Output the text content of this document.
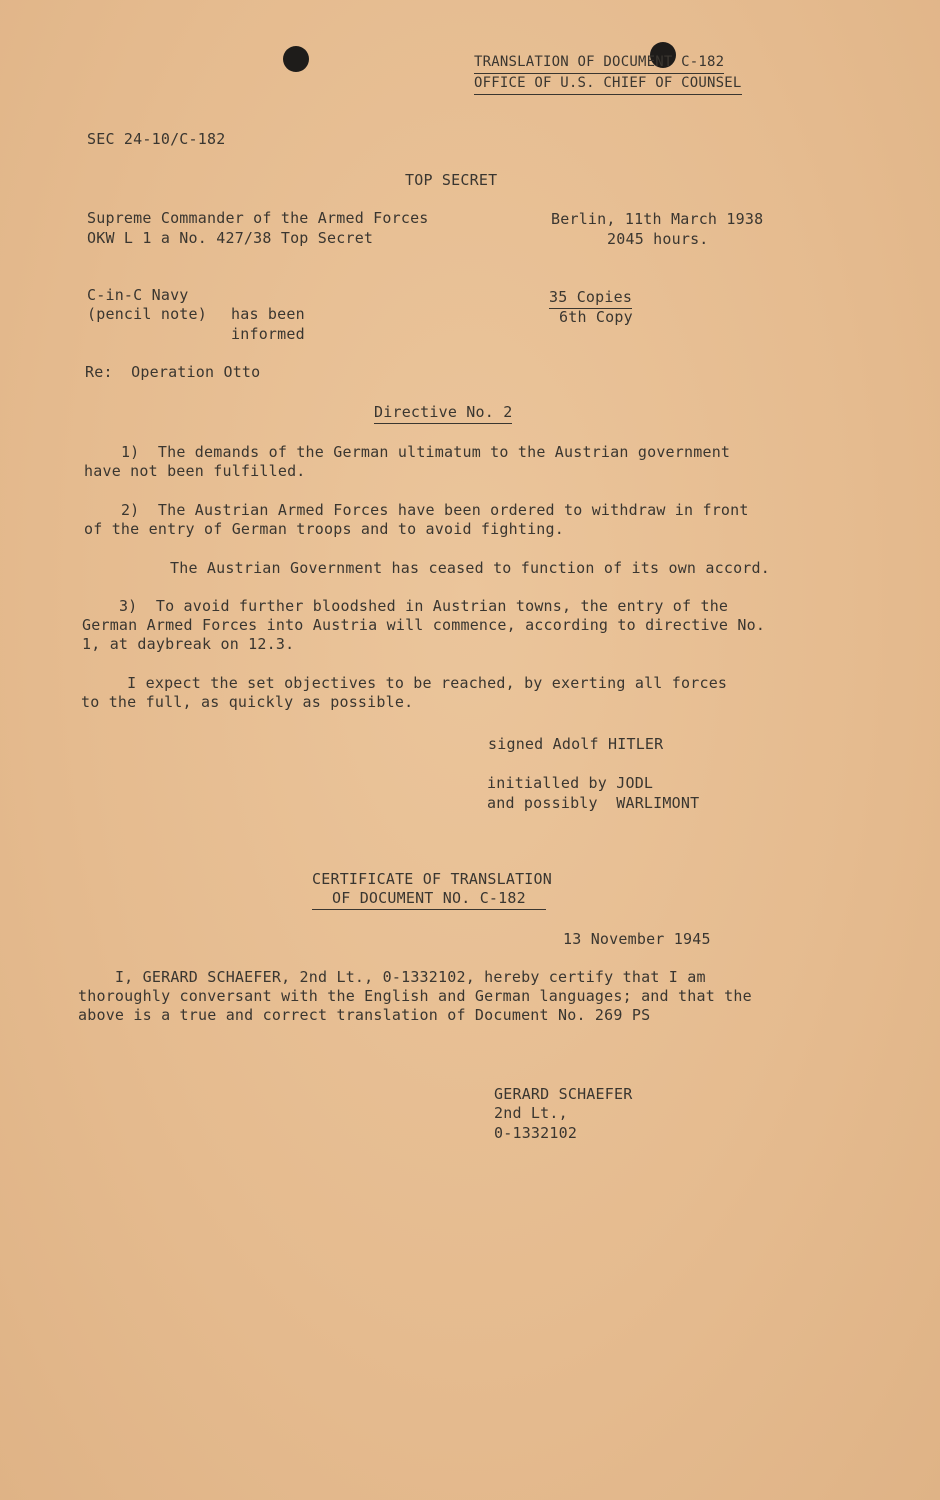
TRANSLATION OF DOCUMENT C-182
OFFICE OF U.S. CHIEF OF COUNSEL
SEC 24-10/C-182
TOP SECRET
Supreme Commander of the Armed Forces
OKW L 1 a No. 427/38 Top Secret
Berlin, 11th March 1938
2045 hours.
C-in-C Navy
(pencil note) has been
informed
35 Copies
6th Copy
Re:  Operation Otto
Directive No. 2
1)  The demands of the German ultimatum to the Austrian government
have not been fulfilled.
2)  The Austrian Armed Forces have been ordered to withdraw in front
of the entry of German troops and to avoid fighting.
The Austrian Government has ceased to function of its own accord.
3)  To avoid further bloodshed in Austrian towns, the entry of the
German Armed Forces into Austria will commence, according to directive No.
1, at daybreak on 12.3.
I expect the set objectives to be reached, by exerting all forces
to the full, as quickly as possible.
signed Adolf HITLER
initialled by JODL
and possibly  WARLIMONT
CERTIFICATE OF TRANSLATION
OF DOCUMENT NO. C-182
13 November 1945
I, GERARD SCHAEFER, 2nd Lt., 0-1332102, hereby certify that I am
thoroughly conversant with the English and German languages; and that the
above is a true and correct translation of Document No. 269 PS
GERARD SCHAEFER
2nd Lt.,
0-1332102
